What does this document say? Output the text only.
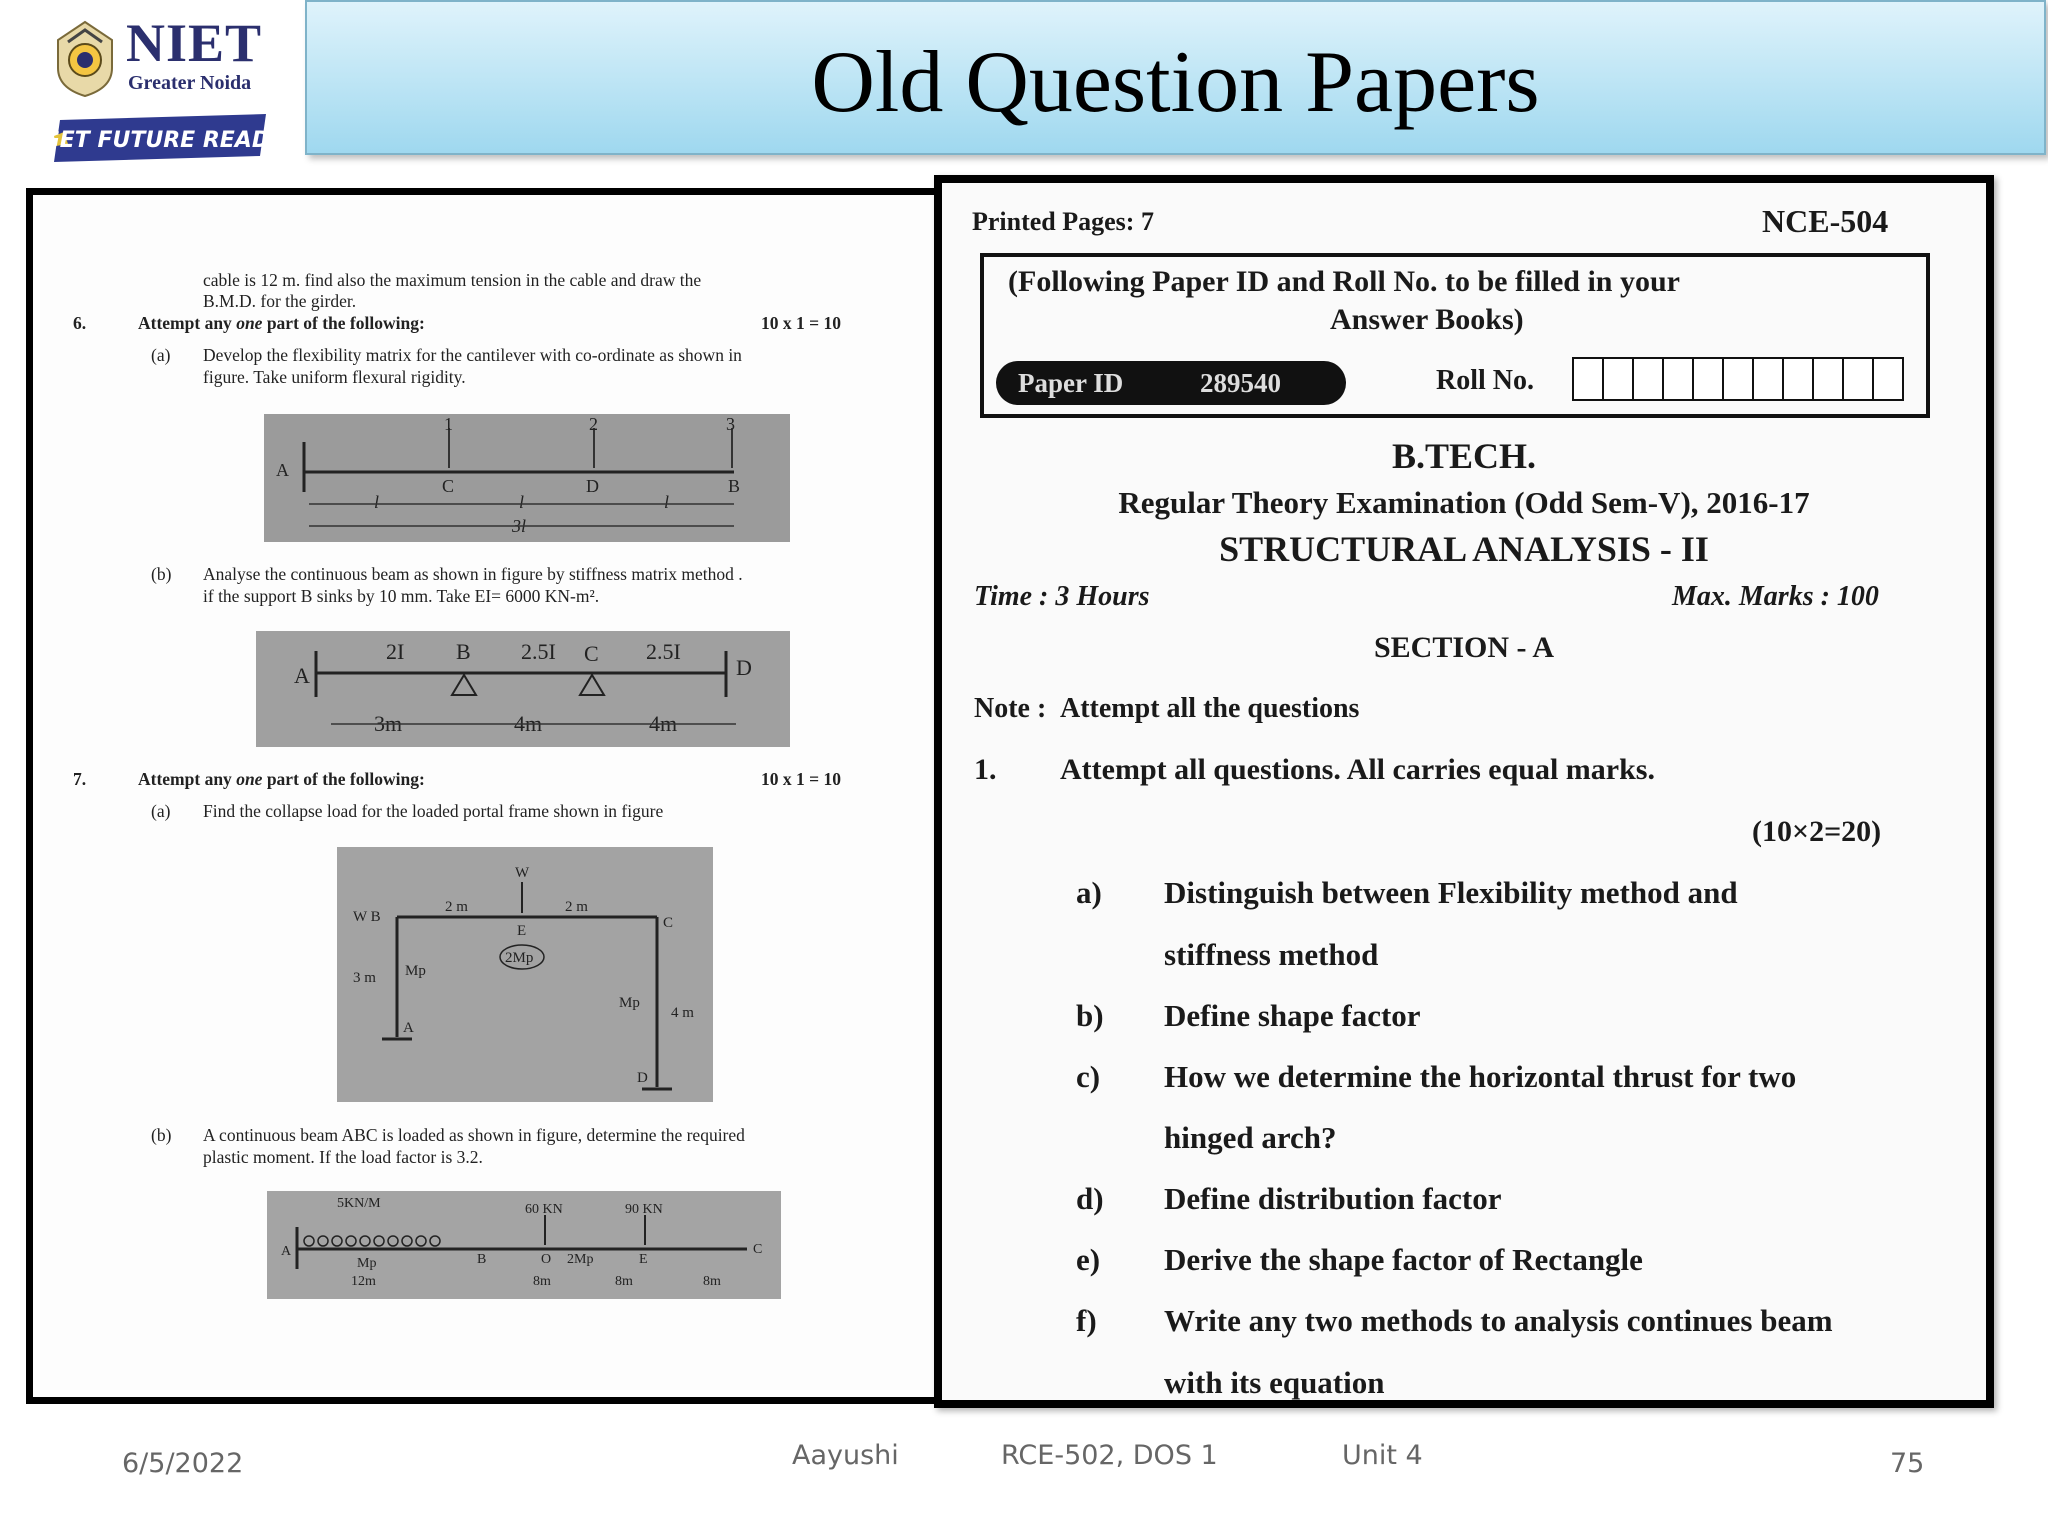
NIET
Greater Noida
GET FUTURE READY
Old Question Papers
cable is 12 m. find also the maximum tension in the cable and draw the
B.M.D. for the girder.
6.	Attempt any one part of the following:	10 x 1 = 10
(a) Develop the flexibility matrix for the cantilever with co-ordinate as shown in
figure. Take uniform flexural rigidity.
1	2	3
A
C	D	B
l	l	l
3l
(b) Analyse the continuous beam as shown in figure by stiffness matrix method .
if the support B sinks by 10 mm. Take EI= 6000 KN-m².
2I B 2.5I C 2.5I
A	D
3m	4m	4m
7.	Attempt any one part of the following:	10 x 1 = 10
(a) Find the collapse load for the loaded portal frame shown in figure
W
W B
2 m	2 m
E	C
2Mp
Mp
Mp
3 m
4 m
A
D
(b) A continuous beam ABC is loaded as shown in figure, determine the required
plastic moment. If the load factor is 3.2.
5KN/M	60 KN	90 KN
A
B	O	E
C
Mp	2Mp
12m	8m	8m	8m
Printed Pages: 7	NCE-504
(Following Paper ID and Roll No. to be filled in your
Answer Books)
Paper ID	289540	Roll No.
B.TECH.
Regular Theory Examination (Odd Sem-V), 2016-17
STRUCTURAL ANALYSIS - II
Time : 3 Hours	Max. Marks : 100
SECTION - A
Note : Attempt all the questions
1. Attempt all questions. All carries equal marks.
(10×2=20)
a) Distinguish between Flexibility method and
stiffness method
b) Define shape factor
c) How we determine the horizontal thrust for two
hinged arch?
d) Define distribution factor
e) Derive the shape factor of Rectangle
f) Write any two methods to analysis continues beam
with its equation
6/5/2022	Aayushi	RCE-502, DOS 1	Unit 4	75
